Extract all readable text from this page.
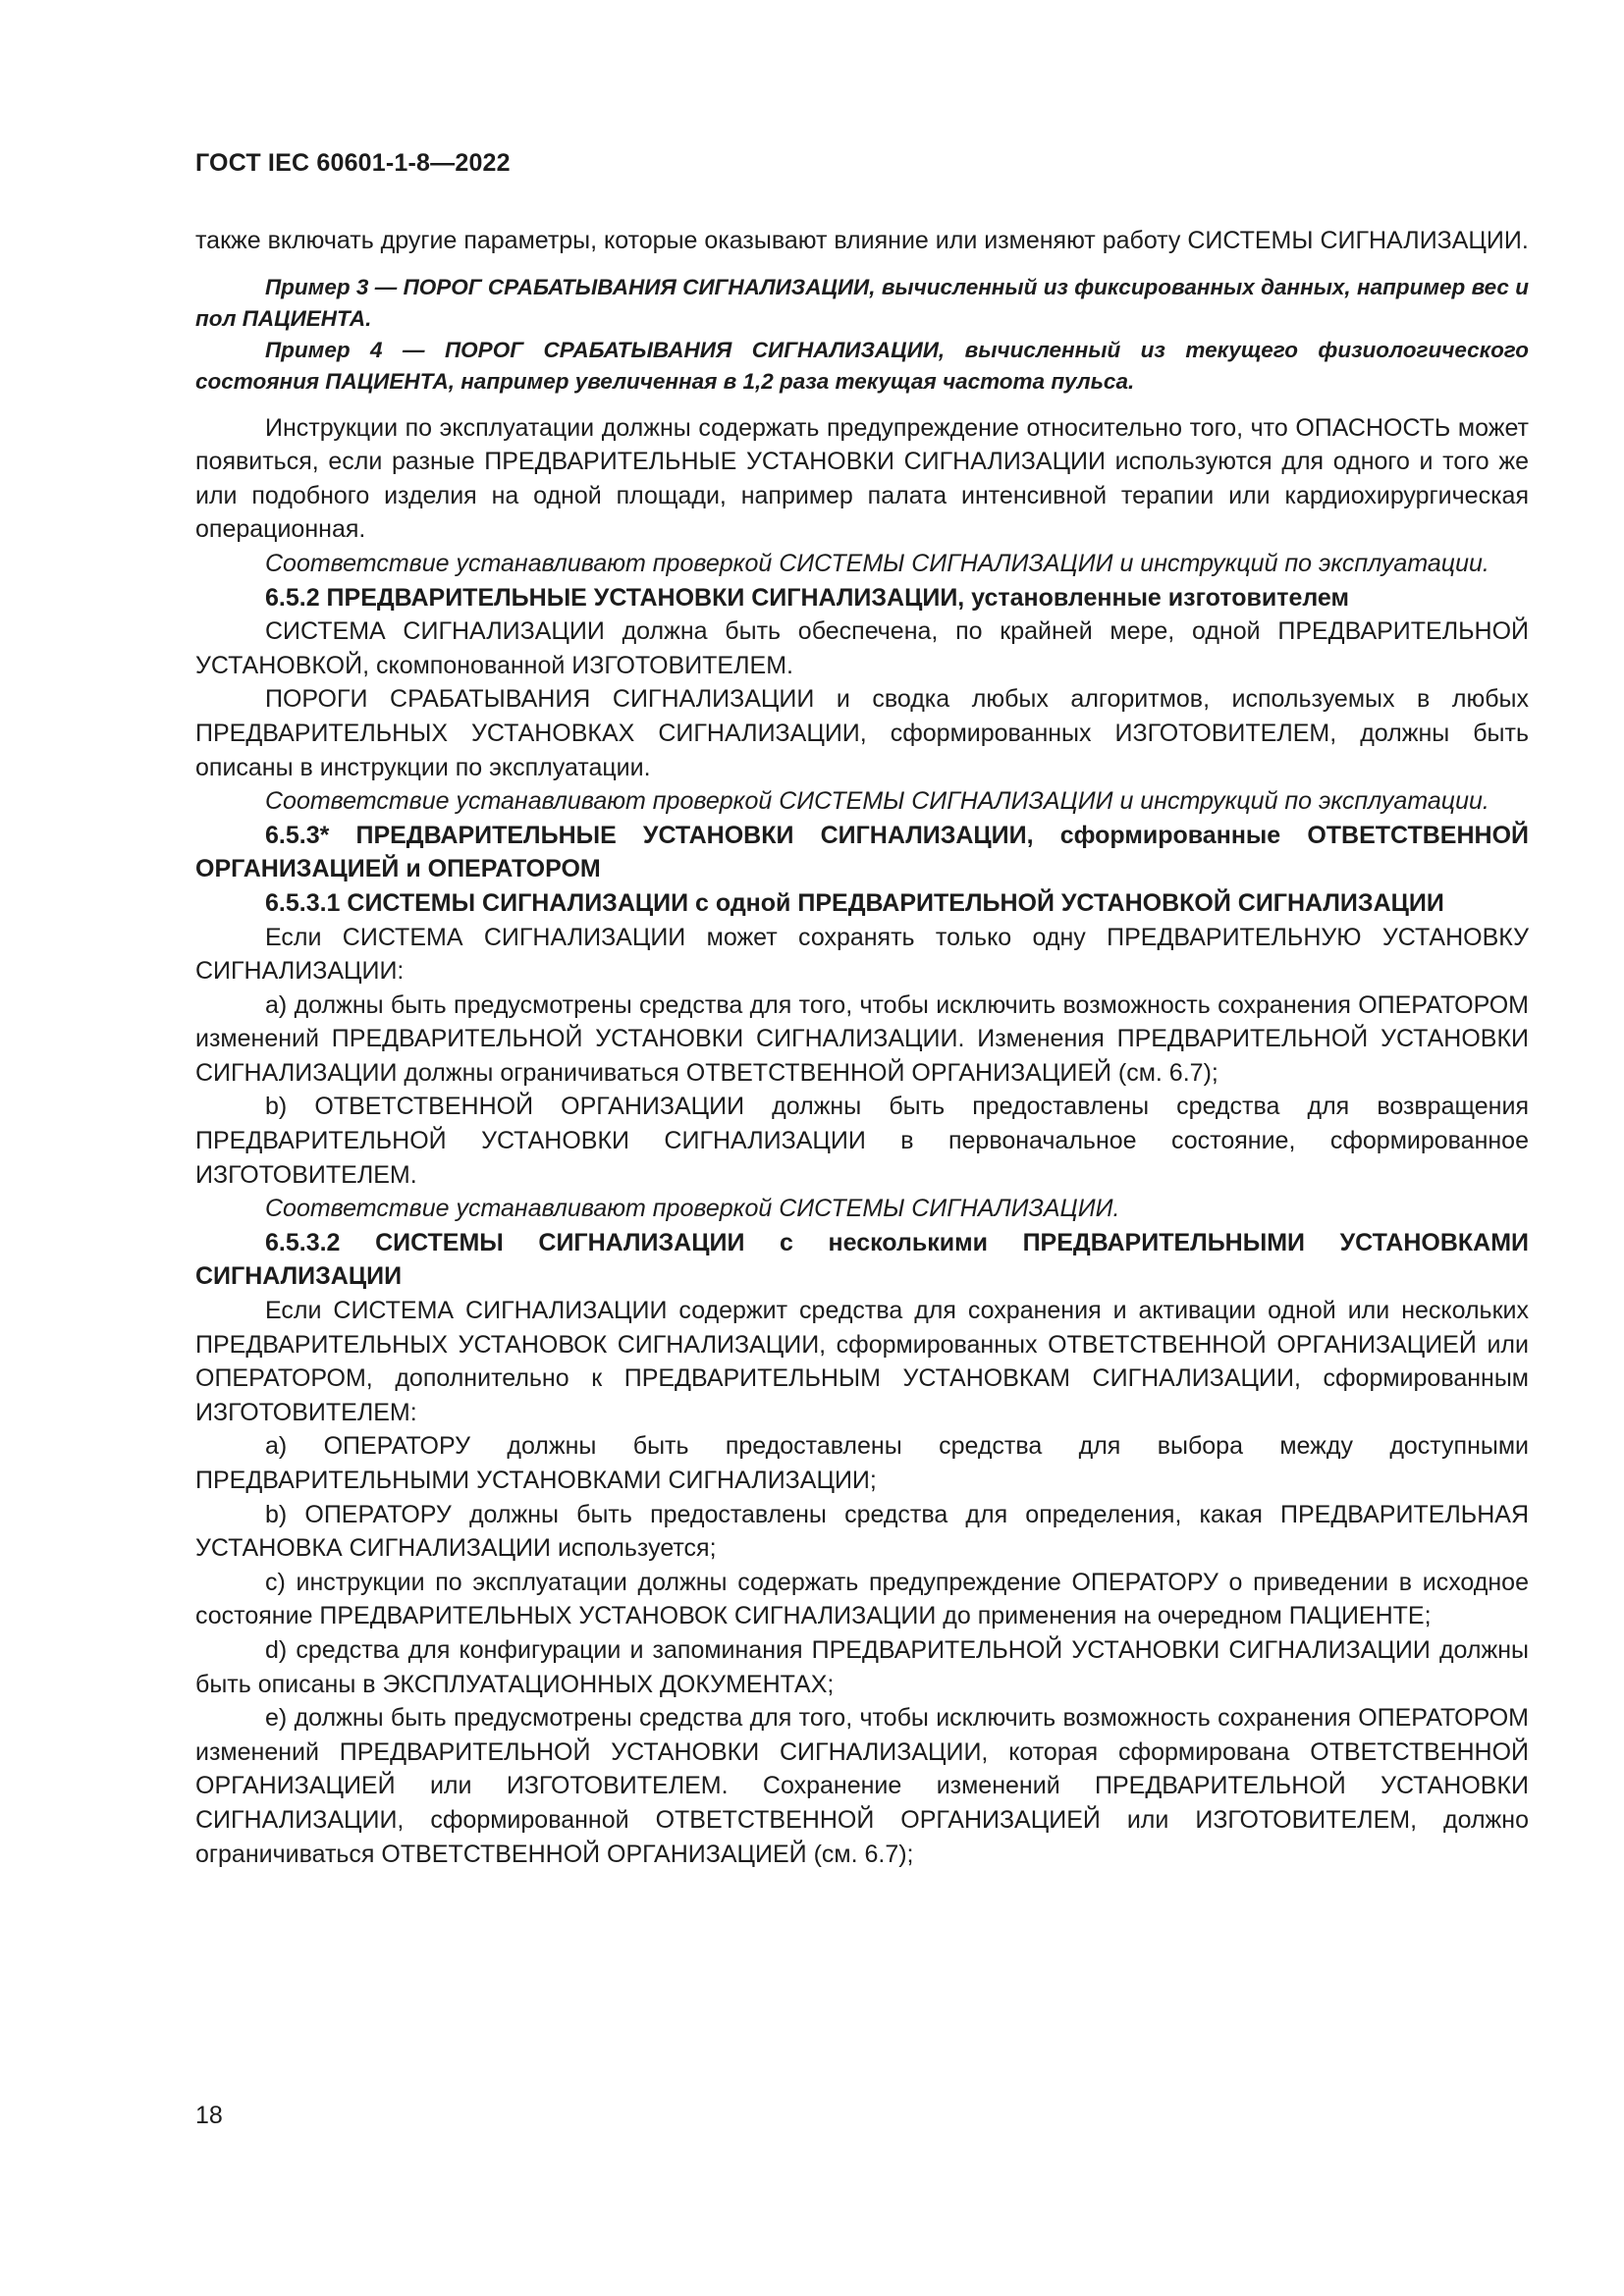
ГОСТ IEC 60601-1-8—2022

также включать другие параметры, которые оказывают влияние или изменяют работу СИСТЕМЫ СИГНАЛИЗАЦИИ.

Пример 3 — ПОРОГ СРАБАТЫВАНИЯ СИГНАЛИЗАЦИИ, вычисленный из фиксированных данных, например вес и пол ПАЦИЕНТА.

Пример 4 — ПОРОГ СРАБАТЫВАНИЯ СИГНАЛИЗАЦИИ, вычисленный из текущего физиологического состояния ПАЦИЕНТА, например увеличенная в 1,2 раза текущая частота пульса.

Инструкции по эксплуатации должны содержать предупреждение относительно того, что ОПАСНОСТЬ может появиться, если разные ПРЕДВАРИТЕЛЬНЫЕ УСТАНОВКИ СИГНАЛИЗАЦИИ используются для одного и того же или подобного изделия на одной площади, например палата интенсивной терапии или кардиохирургическая операционная.

Соответствие устанавливают проверкой СИСТЕМЫ СИГНАЛИЗАЦИИ и инструкций по эксплуатации.

6.5.2 ПРЕДВАРИТЕЛЬНЫЕ УСТАНОВКИ СИГНАЛИЗАЦИИ, установленные изготовителем

СИСТЕМА СИГНАЛИЗАЦИИ должна быть обеспечена, по крайней мере, одной ПРЕДВАРИТЕЛЬНОЙ УСТАНОВКОЙ, скомпонованной ИЗГОТОВИТЕЛЕМ.

ПОРОГИ СРАБАТЫВАНИЯ СИГНАЛИЗАЦИИ и сводка любых алгоритмов, используемых в любых ПРЕДВАРИТЕЛЬНЫХ УСТАНОВКАХ СИГНАЛИЗАЦИИ, сформированных ИЗГОТОВИТЕЛЕМ, должны быть описаны в инструкции по эксплуатации.

Соответствие устанавливают проверкой СИСТЕМЫ СИГНАЛИЗАЦИИ и инструкций по эксплуатации.

6.5.3* ПРЕДВАРИТЕЛЬНЫЕ УСТАНОВКИ СИГНАЛИЗАЦИИ, сформированные ОТВЕТСТВЕННОЙ ОРГАНИЗАЦИЕЙ и ОПЕРАТОРОМ

6.5.3.1 СИСТЕМЫ СИГНАЛИЗАЦИИ с одной ПРЕДВАРИТЕЛЬНОЙ УСТАНОВКОЙ СИГНАЛИЗАЦИИ

Если СИСТЕМА СИГНАЛИЗАЦИИ может сохранять только одну ПРЕДВАРИТЕЛЬНУЮ УСТАНОВКУ СИГНАЛИЗАЦИИ:

a) должны быть предусмотрены средства для того, чтобы исключить возможность сохранения ОПЕРАТОРОМ изменений ПРЕДВАРИТЕЛЬНОЙ УСТАНОВКИ СИГНАЛИЗАЦИИ. Изменения ПРЕДВАРИТЕЛЬНОЙ УСТАНОВКИ СИГНАЛИЗАЦИИ должны ограничиваться ОТВЕТСТВЕННОЙ ОРГАНИЗАЦИЕЙ (см. 6.7);

b) ОТВЕТСТВЕННОЙ ОРГАНИЗАЦИИ должны быть предоставлены средства для возвращения ПРЕДВАРИТЕЛЬНОЙ УСТАНОВКИ СИГНАЛИЗАЦИИ в первоначальное состояние, сформированное ИЗГОТОВИТЕЛЕМ.

Соответствие устанавливают проверкой СИСТЕМЫ СИГНАЛИЗАЦИИ.

6.5.3.2 СИСТЕМЫ СИГНАЛИЗАЦИИ с несколькими ПРЕДВАРИТЕЛЬНЫМИ УСТАНОВКАМИ СИГНАЛИЗАЦИИ

Если СИСТЕМА СИГНАЛИЗАЦИИ содержит средства для сохранения и активации одной или нескольких ПРЕДВАРИТЕЛЬНЫХ УСТАНОВОК СИГНАЛИЗАЦИИ, сформированных ОТВЕТСТВЕННОЙ ОРГАНИЗАЦИЕЙ или ОПЕРАТОРОМ, дополнительно к ПРЕДВАРИТЕЛЬНЫМ УСТАНОВКАМ СИГНАЛИЗАЦИИ, сформированным ИЗГОТОВИТЕЛЕМ:

a) ОПЕРАТОРУ должны быть предоставлены средства для выбора между доступными ПРЕДВАРИТЕЛЬНЫМИ УСТАНОВКАМИ СИГНАЛИЗАЦИИ;

b) ОПЕРАТОРУ должны быть предоставлены средства для определения, какая ПРЕДВАРИТЕЛЬНАЯ УСТАНОВКА СИГНАЛИЗАЦИИ используется;

c) инструкции по эксплуатации должны содержать предупреждение ОПЕРАТОРУ о приведении в исходное состояние ПРЕДВАРИТЕЛЬНЫХ УСТАНОВОК СИГНАЛИЗАЦИИ до применения на очередном ПАЦИЕНТЕ;

d) средства для конфигурации и запоминания ПРЕДВАРИТЕЛЬНОЙ УСТАНОВКИ СИГНАЛИЗАЦИИ должны быть описаны в ЭКСПЛУАТАЦИОННЫХ ДОКУМЕНТАХ;

e) должны быть предусмотрены средства для того, чтобы исключить возможность сохранения ОПЕРАТОРОМ изменений ПРЕДВАРИТЕЛЬНОЙ УСТАНОВКИ СИГНАЛИЗАЦИИ, которая сформирована ОТВЕТСТВЕННОЙ ОРГАНИЗАЦИЕЙ или ИЗГОТОВИТЕЛЕМ. Сохранение изменений ПРЕДВАРИТЕЛЬНОЙ УСТАНОВКИ СИГНАЛИЗАЦИИ, сформированной ОТВЕТСТВЕННОЙ ОРГАНИЗАЦИЕЙ или ИЗГОТОВИТЕЛЕМ, должно ограничиваться ОТВЕТСТВЕННОЙ ОРГАНИЗАЦИЕЙ (см. 6.7);

18
